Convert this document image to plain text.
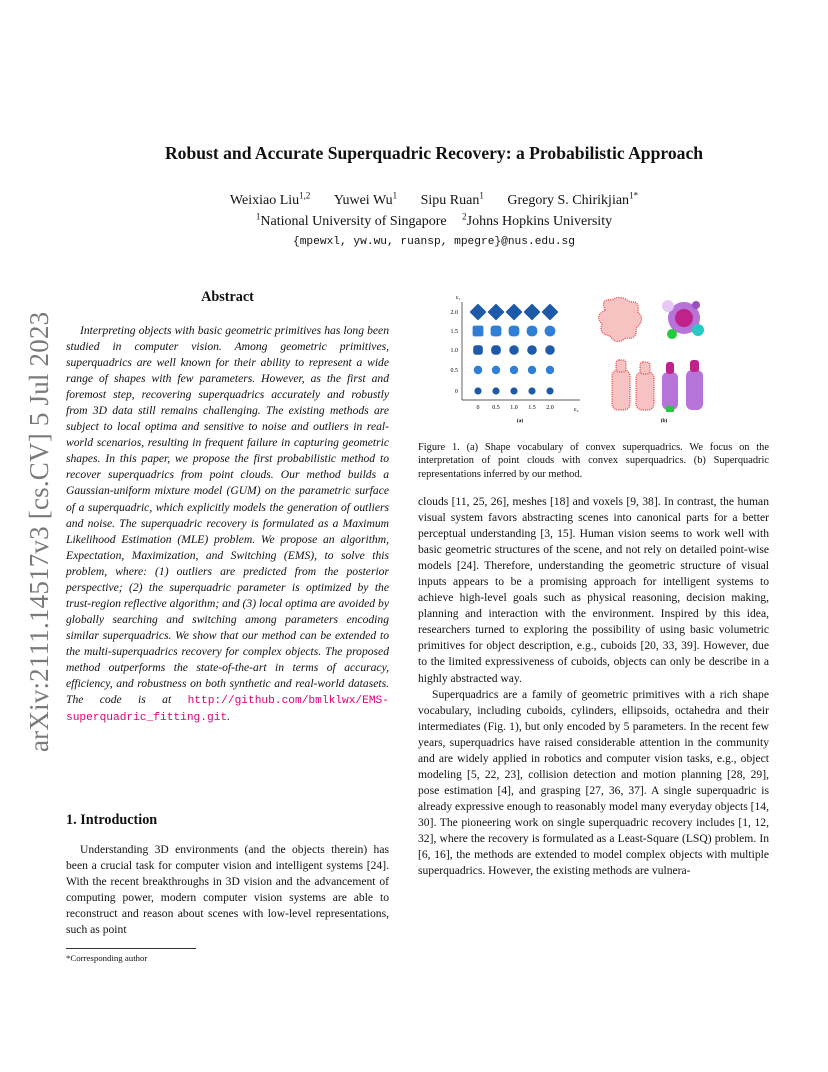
arXiv:2111.14517v3 [cs.CV] 5 Jul 2023
Robust and Accurate Superquadric Recovery: a Probabilistic Approach
Weixiao Liu$^{1,2}$ Yuwei Wu$^1$ Sipu Ruan$^1$ Gregory S. Chirikjian$^{1*}$
$^1$National University of Singapore $^2$Johns Hopkins University
{mpewxl, yw.wu, ruansp, mpegre}@nus.edu.sg
Abstract
Interpreting objects with basic geometric primitives has long been studied in computer vision. Among geometric primitives, superquadrics are well known for their ability to represent a wide range of shapes with few parameters. However, as the first and foremost step, recovering superquadrics accurately and robustly from 3D data still remains challenging. The existing methods are subject to local optima and sensitive to noise and outliers in real-world scenarios, resulting in frequent failure in capturing geometric shapes. In this paper, we propose the first probabilistic method to recover superquadrics from point clouds. Our method builds a Gaussian-uniform mixture model (GUM) on the parametric surface of a superquadric, which explicitly models the generation of outliers and noise. The superquadric recovery is formulated as a Maximum Likelihood Estimation (MLE) problem. We propose an algorithm, Expectation, Maximization, and Switching (EMS), to solve this problem, where: (1) outliers are predicted from the posterior perspective; (2) the superquadric parameter is optimized by the trust-region reflective algorithm; and (3) local optima are avoided by globally searching and switching among parameters encoding similar superquadrics. We show that our method can be extended to the multi-superquadrics recovery for complex objects. The proposed method outperforms the state-of-the-art in terms of accuracy, efficiency, and robustness on both synthetic and real-world datasets. The code is at http://github.com/bmlklwx/EMS-superquadric_fitting.git.
1. Introduction

Understanding 3D environments (and the objects therein) has been a crucial task for computer vision and intelligent systems [24]. With the recent breakthroughs in 3D vision and the advancement of computing power, modern computer vision systems are able to reconstruct and reason about scenes with low-level representations, such as point

*Corresponding author
ε₁
2.0
1.5
1.0
0.5
0
0 0.5 1.0 1.5 2.0	ε₂
(a)	(b)
Figure 1. (a) Shape vocabulary of convex superquadrics. We focus on the interpretation of point clouds with convex superquadrics. (b) Superquadric representations inferred by our method.

clouds [11, 25, 26], meshes [18] and voxels [9, 38]. In contrast, the human visual system favors abstracting scenes into canonical parts for a better perceptual understanding [3, 15]. Human vision seems to work well with basic geometric structures of the scene, and not rely on detailed point-wise models [24]. Therefore, understanding the geometric structure of visual inputs appears to be a promising approach for intelligent systems to achieve high-level goals such as physical reasoning, decision making, planning and interaction with the environment. Inspired by this idea, researchers turned to exploring the possibility of using basic volumetric primitives for object description, e.g., cuboids [20, 33, 39]. However, due to the limited expressiveness of cuboids, objects can only be describe in a highly abstracted way.

Superquadrics are a family of geometric primitives with a rich shape vocabulary, including cuboids, cylinders, ellipsoids, octahedra and their intermediates (Fig. 1), but only encoded by 5 parameters. In the recent few years, superquadrics have raised considerable attention in the community and are widely applied in robotics and computer vision tasks, e.g., object modeling [5, 22, 23], collision detection and motion planning [28, 29], pose estimation [4], and grasping [27, 36, 37]. A single superquadric is already expressive enough to reasonably model many everyday objects [14, 30]. The pioneering work on single superquadric recovery includes [1, 12, 32], where the recovery is formulated as a Least-Square (LSQ) problem. In [6, 16], the methods are extended to model complex objects with multiple superquadrics. However, the existing methods are vulnera-
